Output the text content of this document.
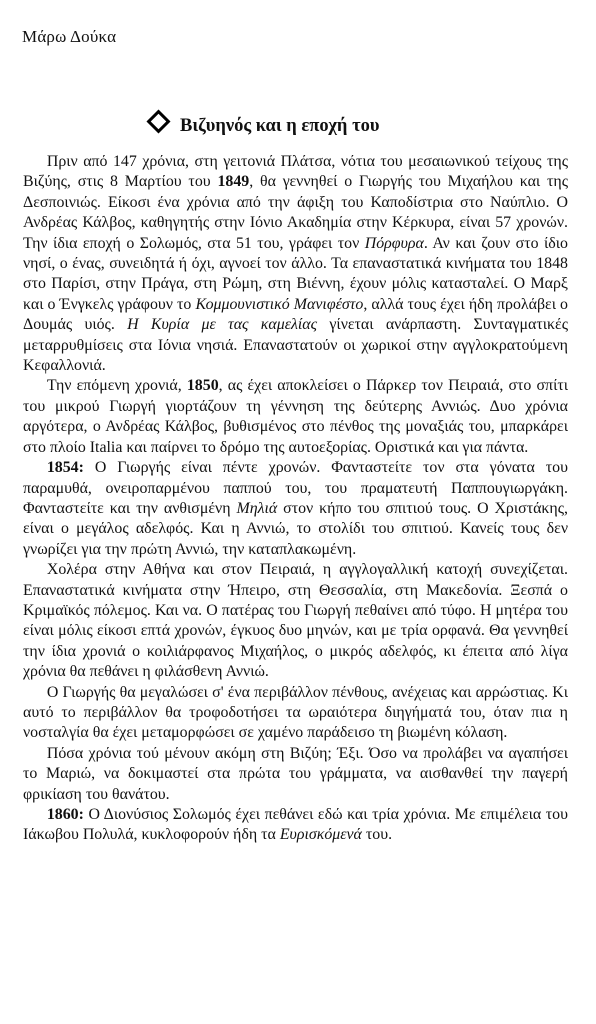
Μάρω Δούκα
Βιζυηνός και η εποχή του

Πριν από 147 χρόνια, στη γειτονιά Πλάτσα, νότια του μεσαιωνικού τείχους της Βιζύης, στις 8 Μαρτίου του 1849, θα γεννηθεί ο Γιωργής του Μιχαήλου και της Δεσποινιώς. Είκοσι ένα χρόνια από την άφιξη του Καποδίστρια στο Ναύπλιο. Ο Ανδρέας Κάλβος, καθηγητής στην Ιόνιο Ακαδημία στην Κέρκυρα, είναι 57 χρονών. Την ίδια εποχή ο Σολωμός, στα 51 του, γράφει τον Πόρφυρα. Αν και ζουν στο ίδιο νησί, ο ένας, συνειδητά ή όχι, αγνοεί τον άλλο. Τα επαναστατικά κινήματα του 1848 στο Παρίσι, στην Πράγα, στη Ρώμη, στη Βιέννη, έχουν μόλις κατασταλεί. Ο Μαρξ και ο Ένγκελς γράφουν το Κομμουνιστικό Μανιφέστο, αλλά τους έχει ήδη προλάβει ο Δουμάς υιός. Η Κυρία με τας καμελίας γίνεται ανάρπαστη. Συνταγματικές μεταρρυθμίσεις στα Ιόνια νησιά. Επαναστατούν οι χωρικοί στην αγγλοκρατούμενη Κεφαλλονιά.

Την επόμενη χρονιά, 1850, ας έχει αποκλείσει ο Πάρκερ τον Πειραιά, στο σπίτι του μικρού Γιωργή γιορτάζουν τη γέννηση της δεύτερης Αννιώς. Δυο χρόνια αργότερα, ο Ανδρέας Κάλβος, βυθισμένος στο πένθος της μοναξιάς του, μπαρκάρει στο πλοίο Italia και παίρνει το δρόμο της αυτοεξορίας. Οριστικά και για πάντα.

1854: Ο Γιωργής είναι πέντε χρονών. Φανταστείτε τον στα γόνατα του παραμυθά, ονειροπαρμένου παππού του, του πραματευτή Παππουγιωργάκη. Φανταστείτε και την ανθισμένη Μηλιά στον κήπο του σπιτιού τους. Ο Χριστάκης, είναι ο μεγάλος αδελφός. Και η Αννιώ, το στολίδι του σπιτιού. Κανείς τους δεν γνωρίζει για την πρώτη Αννιώ, την καταπλακωμένη.

Χολέρα στην Αθήνα και στον Πειραιά, η αγγλογαλλική κατοχή συνεχίζεται. Επαναστατικά κινήματα στην Ήπειρο, στη Θεσσαλία, στη Μακεδονία. Ξεσπά ο Κριμαϊκός πόλεμος. Και να. Ο πατέρας του Γιωργή πεθαίνει από τύφο. Η μητέρα του είναι μόλις είκοσι επτά χρονών, έγκυος δυο μηνών, και με τρία ορφανά. Θα γεννηθεί την ίδια χρονιά ο κοιλιάρφανος Μιχαήλος, ο μικρός αδελφός, κι έπειτα από λίγα χρόνια θα πεθάνει η φιλάσθενη Αννιώ.

Ο Γιωργής θα μεγαλώσει σ' ένα περιβάλλον πένθους, ανέχειας και αρρώστιας. Κι αυτό το περιβάλλον θα τροφοδοτήσει τα ωραιότερα διηγήματά του, όταν πια η νοσταλγία θα έχει μεταμορφώσει σε χαμένο παράδεισο τη βιωμένη κόλαση.

Πόσα χρόνια τού μένουν ακόμη στη Βιζύη; Έξι. Όσο να προλάβει να αγαπήσει το Μαριώ, να δοκιμαστεί στα πρώτα του γράμματα, να αισθανθεί την παγερή φρικίαση του θανάτου.

1860: Ο Διονύσιος Σολωμός έχει πεθάνει εδώ και τρία χρόνια. Με επιμέλεια του Ιάκωβου Πολυλά, κυκλοφορούν ήδη τα Ευρισκόμενά του.
